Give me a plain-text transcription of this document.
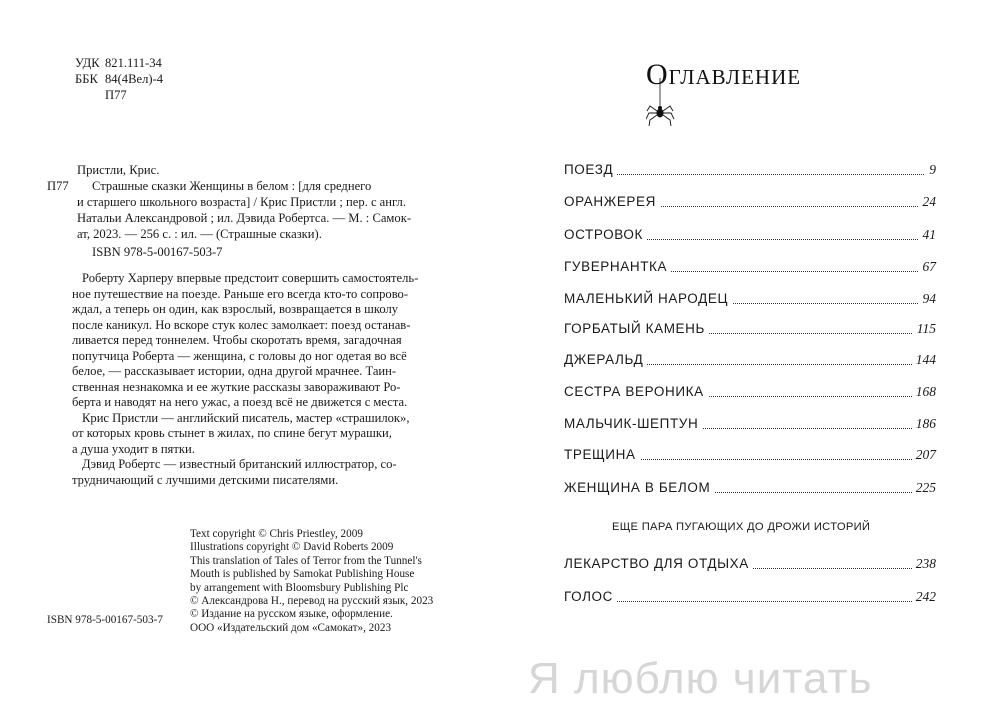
УДК 821.111-34
ББК 84(4Вел)-4
П77
Пристли, Крис.
П77 Страшные сказки Женщины в белом : [для среднего
и старшего школьного возраста] / Крис Пристли ; пер. с англ.
Натальи Александровой ; ил. Дэвида Робертса. — М. : Самок-
ат, 2023. — 256 с. : ил. — (Страшные сказки).
ISBN 978-5-00167-503-7

Роберту Харперу впервые предстоит совершить самостоятель-

ное путешествие на поезде. Раньше его всегда кто-то сопрово-

ждал, а теперь он один, как взрослый, возвращается в школу

после каникул. Но вскоре стук колес замолкает: поезд останав-

ливается перед тоннелем. Чтобы скоротать время, загадочная

попутчица Роберта — женщина, с головы до ног одетая во всё

белое, — рассказывает истории, одна другой мрачнее. Таин-

ственная незнакомка и ее жуткие рассказы завораживают Ро-

берта и наводят на него ужас, а поезд всё не движется с места.

Крис Пристли — английский писатель, мастер «страшилок»,

от которых кровь стынет в жилах, по спине бегут мурашки,

а душа уходит в пятки.

Дэвид Робертс — известный британский иллюстратор, со-

трудничающий с лучшими детскими писателями.

Text copyright © Chris Priestley, 2009
Illustrations copyright © David Roberts 2009
This translation of Tales of Terror from the Tunnel's
Mouth is published by Samokat Publishing House
by arrangement with Bloomsbury Publishing Plc
© Александрова Н., перевод на русский язык, 2023
© Издание на русском языке, оформление.
ООО «Издательский дом «Самокат», 2023
ISBN 978-5-00167-503-7
Оглавление
ПОЕЗД	9
ОРАНЖЕРЕЯ	24
ОСТРОВОК	41
ГУВЕРНАНТКА	67
МАЛЕНЬКИЙ НАРОДЕЦ	94
ГОРБАТЫЙ КАМЕНЬ	115
ДЖЕРАЛЬД	144
СЕСТРА ВЕРОНИКА	168
МАЛЬЧИК-ШЕПТУН	186
ТРЕЩИНА	207
ЖЕНЩИНА В БЕЛОМ	225
ЕЩЕ ПАРА ПУГАЮЩИХ ДО ДРОЖИ ИСТОРИЙ
ЛЕКАРСТВО ДЛЯ ОТДЫХА	238
ГОЛОС	242
Я люблю читать
